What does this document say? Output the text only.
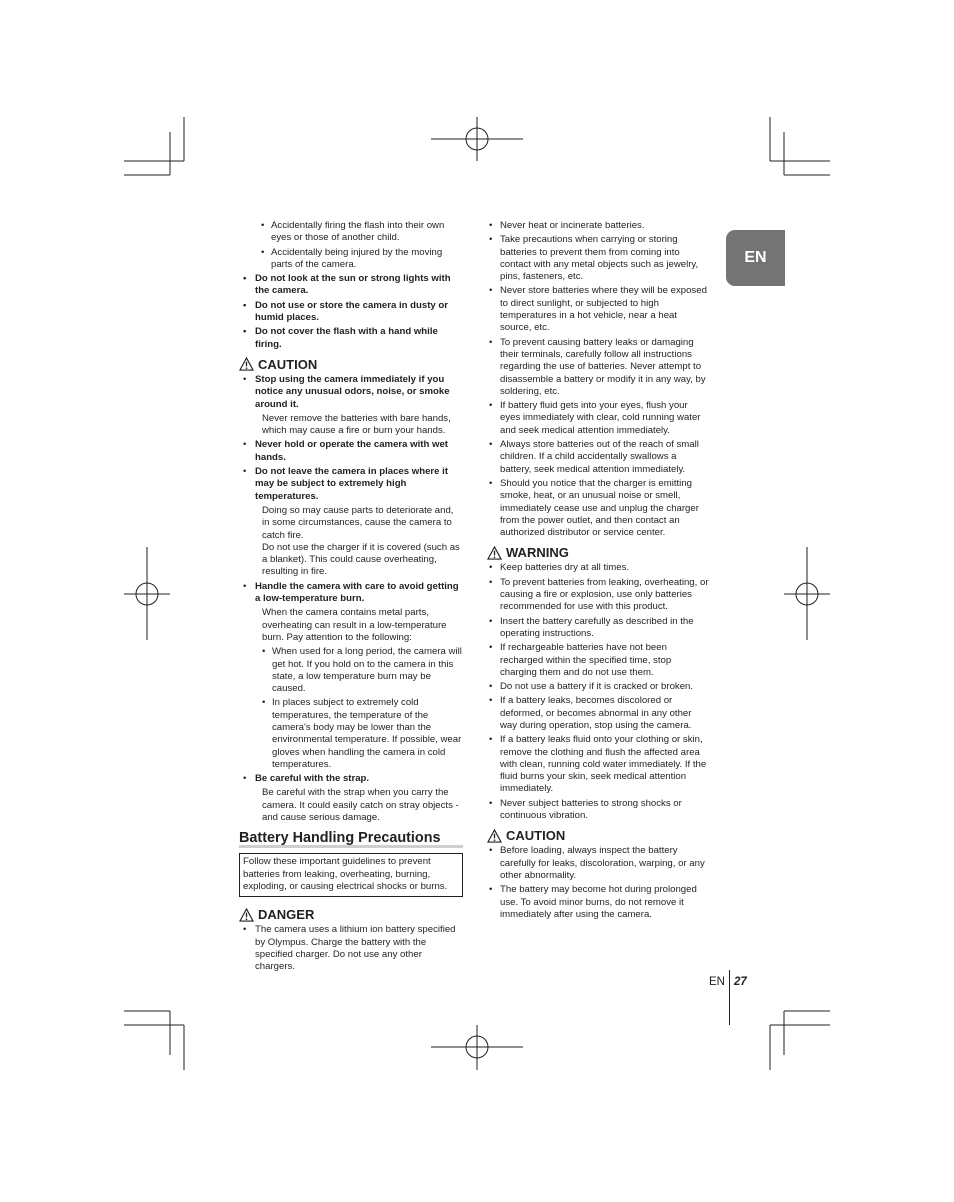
EN
• Accidentally firing the flash into their own eyes or those of another child.
• Accidentally being injured by the moving parts of the camera.
• Do not look at the sun or strong lights with the camera.
• Do not use or store the camera in dusty or humid places.
• Do not cover the flash with a hand while firing.
CAUTION
• Stop using the camera immediately if you notice any unusual odors, noise, or smoke around it.
Never remove the batteries with bare hands, which may cause a fire or burn your hands.
• Never hold or operate the camera with wet hands.
• Do not leave the camera in places where it may be subject to extremely high temperatures.
Doing so may cause parts to deteriorate and, in some circumstances, cause the camera to catch fire.
Do not use the charger if it is covered (such as a blanket). This could cause overheating, resulting in fire.
• Handle the camera with care to avoid getting a low-temperature burn.
When the camera contains metal parts, overheating can result in a low-temperature burn. Pay attention to the following:
• When used for a long period, the camera will get hot. If you hold on to the camera in this state, a low temperature burn may be caused.
• In places subject to extremely cold temperatures, the temperature of the camera's body may be lower than the environmental temperature. If possible, wear gloves when handling the camera in cold temperatures.
• Be careful with the strap.
Be careful with the strap when you carry the camera. It could easily catch on stray objects - and cause serious damage.
Battery Handling Precautions
Follow these important guidelines to prevent batteries from leaking, overheating, burning, exploding, or causing electrical shocks or burns.
DANGER
• The camera uses a lithium ion battery specified by Olympus. Charge the battery with the specified charger. Do not use any other chargers.
• Never heat or incinerate batteries.
• Take precautions when carrying or storing batteries to prevent them from coming into contact with any metal objects such as jewelry, pins, fasteners, etc.
• Never store batteries where they will be exposed to direct sunlight, or subjected to high temperatures in a hot vehicle, near a heat source, etc.
• To prevent causing battery leaks or damaging their terminals, carefully follow all instructions regarding the use of batteries. Never attempt to disassemble a battery or modify it in any way, by soldering, etc.
• If battery fluid gets into your eyes, flush your eyes immediately with clear, cold running water and seek medical attention immediately.
• Always store batteries out of the reach of small children. If a child accidentally swallows a battery, seek medical attention immediately.
• Should you notice that the charger is emitting smoke, heat, or an unusual noise or smell, immediately cease use and unplug the charger from the power outlet, and then contact an authorized distributor or service center.
WARNING
• Keep batteries dry at all times.
• To prevent batteries from leaking, overheating, or causing a fire or explosion, use only batteries recommended for use with this product.
• Insert the battery carefully as described in the operating instructions.
• If rechargeable batteries have not been recharged within the specified time, stop charging them and do not use them.
• Do not use a battery if it is cracked or broken.
• If a battery leaks, becomes discolored or deformed, or becomes abnormal in any other way during operation, stop using the camera.
• If a battery leaks fluid onto your clothing or skin, remove the clothing and flush the affected area with clean, running cold water immediately. If the fluid burns your skin, seek medical attention immediately.
• Never subject batteries to strong shocks or continuous vibration.
CAUTION
• Before loading, always inspect the battery carefully for leaks, discoloration, warping, or any other abnormality.
• The battery may become hot during prolonged use. To avoid minor burns, do not remove it immediately after using the camera.
EN 27
